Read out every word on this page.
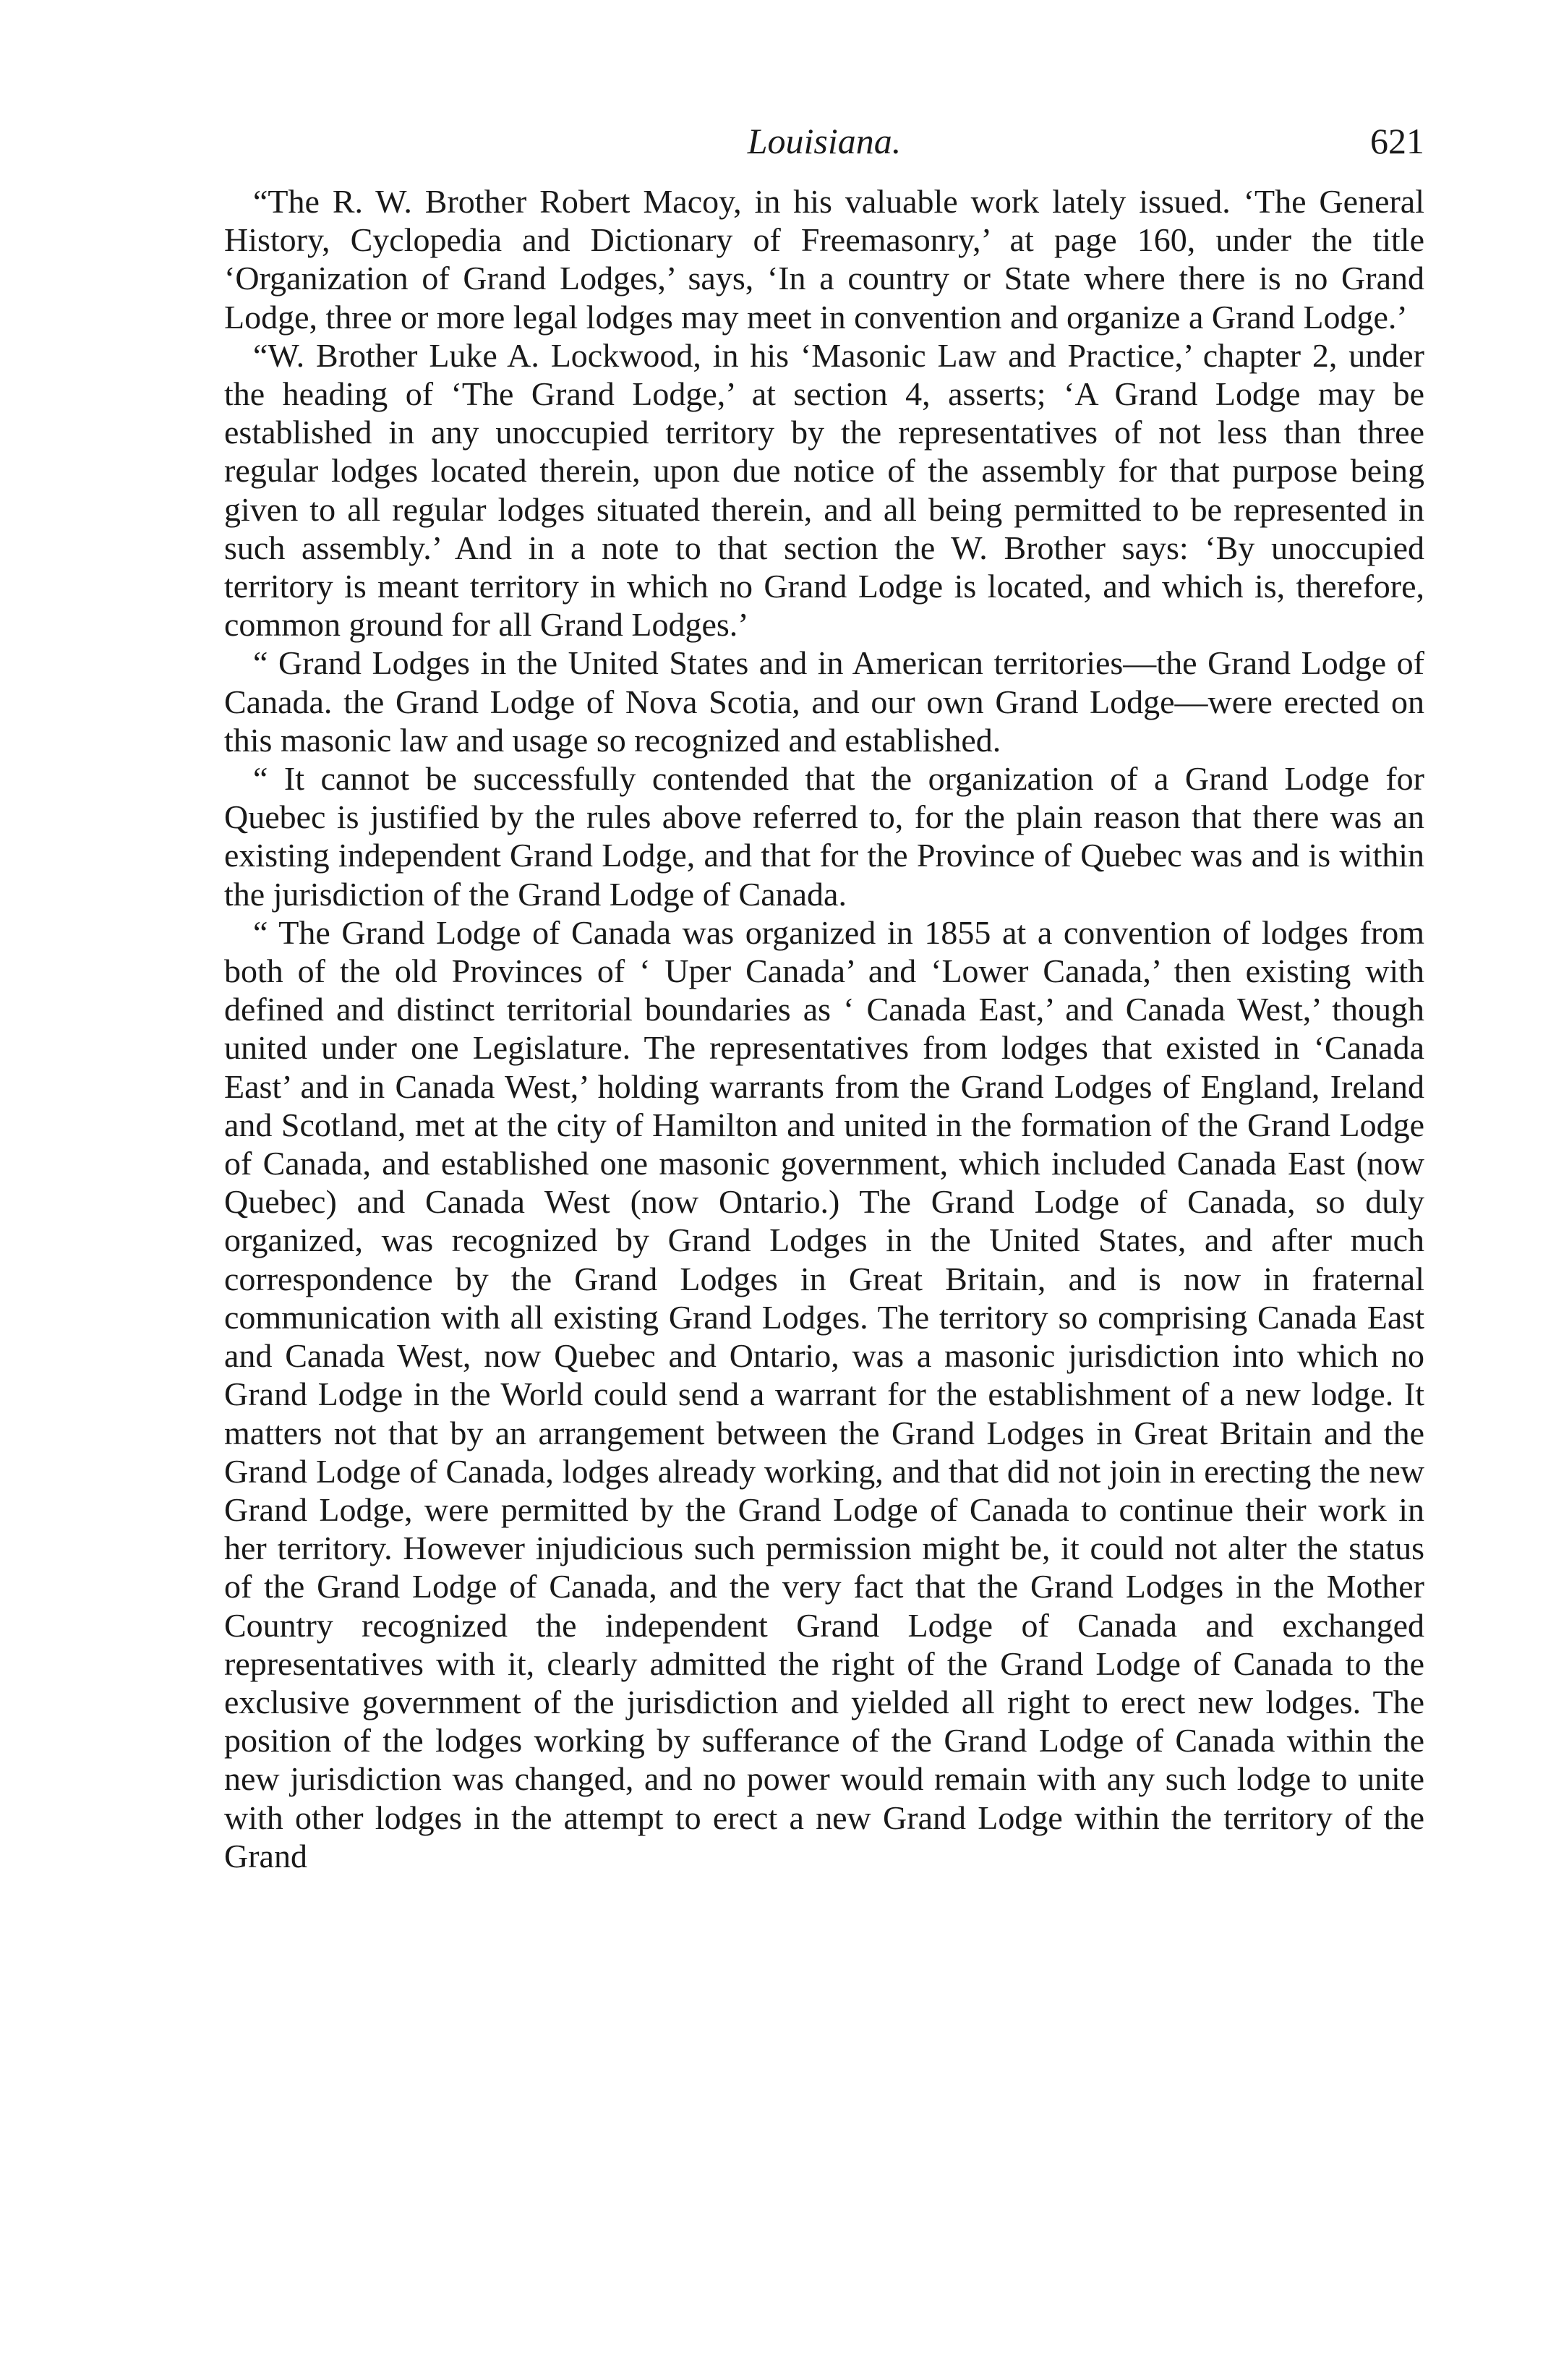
Louisiana.	621

“The R. W. Brother Robert Macoy, in his valuable work lately issued. ‘The General History, Cyclopedia and Dictionary of Freemasonry,’ at page 160, under the title ‘Organization of Grand Lodges,’ says, ‘In a country or State where there is no Grand Lodge, three or more legal lodges may meet in convention and organize a Grand Lodge.’

“W. Brother Luke A. Lockwood, in his ‘Masonic Law and Practice,’ chapter 2, under the heading of ‘The Grand Lodge,’ at section 4, asserts; ‘A Grand Lodge may be established in any unoccupied territory by the representatives of not less than three regular lodges located therein, upon due notice of the assembly for that purpose being given to all regular lodges situated therein, and all being permitted to be represented in such assembly.’ And in a note to that section the W. Brother says: ‘By unoccupied territory is meant territory in which no Grand Lodge is located, and which is, therefore, common ground for all Grand Lodges.’

“ Grand Lodges in the United States and in American territories—the Grand Lodge of Canada. the Grand Lodge of Nova Scotia, and our own Grand Lodge—were erected on this masonic law and usage so recognized and established.

“ It cannot be successfully contended that the organization of a Grand Lodge for Quebec is justified by the rules above referred to, for the plain reason that there was an existing independent Grand Lodge, and that for the Province of Quebec was and is within the jurisdiction of the Grand Lodge of Canada.

“ The Grand Lodge of Canada was organized in 1855 at a convention of lodges from both of the old Provinces of ‘ Uper Canada’ and ‘Lower Canada,’ then existing with defined and distinct territorial boundaries as ‘ Canada East,’ and Canada West,’ though united under one Legislature. The representatives from lodges that existed in ‘Canada East’ and in Canada West,’ holding warrants from the Grand Lodges of England, Ireland and Scotland, met at the city of Hamilton and united in the formation of the Grand Lodge of Canada, and established one masonic government, which included Canada East (now Quebec) and Canada West (now Ontario.) The Grand Lodge of Canada, so duly organized, was recognized by Grand Lodges in the United States, and after much correspondence by the Grand Lodges in Great Britain, and is now in fraternal communication with all existing Grand Lodges. The territory so comprising Canada East and Canada West, now Quebec and Ontario, was a masonic jurisdiction into which no Grand Lodge in the World could send a warrant for the establishment of a new lodge. It matters not that by an arrangement between the Grand Lodges in Great Britain and the Grand Lodge of Canada, lodges already working, and that did not join in erecting the new Grand Lodge, were permitted by the Grand Lodge of Canada to continue their work in her territory. However injudicious such permission might be, it could not alter the status of the Grand Lodge of Canada, and the very fact that the Grand Lodges in the Mother Country recognized the independent Grand Lodge of Canada and exchanged representatives with it, clearly admitted the right of the Grand Lodge of Canada to the exclusive government of the jurisdiction and yielded all right to erect new lodges. The position of the lodges working by sufferance of the Grand Lodge of Canada within the new jurisdiction was changed, and no power would remain with any such lodge to unite with other lodges in the attempt to erect a new Grand Lodge within the territory of the Grand
